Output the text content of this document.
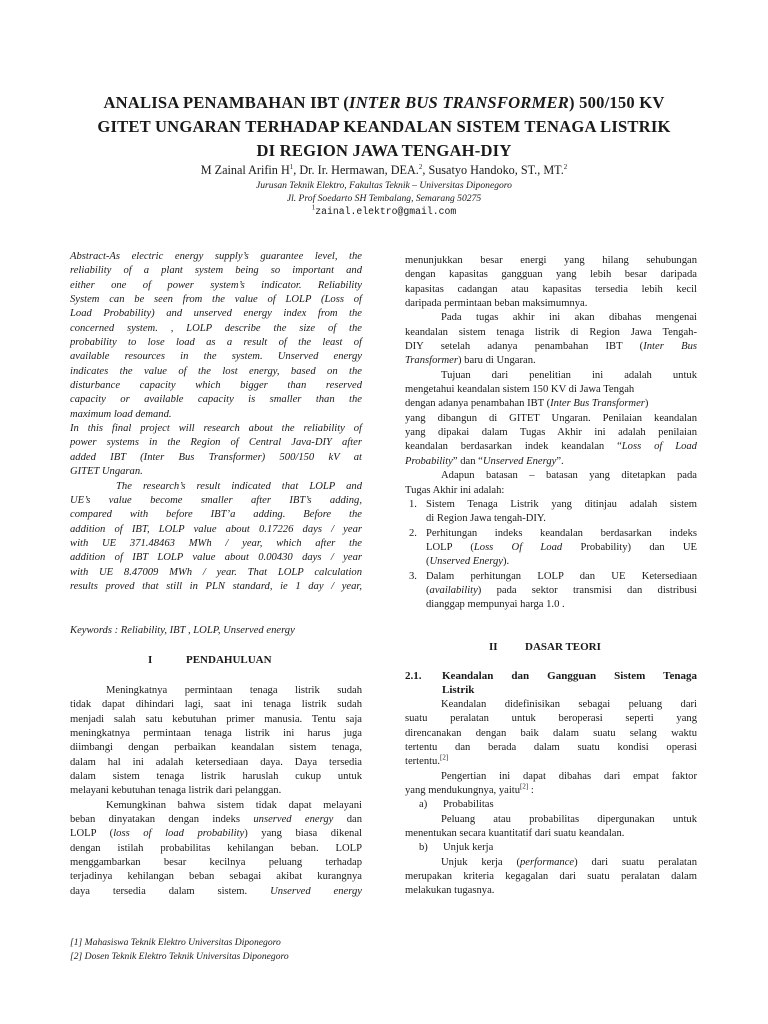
ANALISA PENAMBAHAN IBT (INTER BUS TRANSFORMER) 500/150 KV
GITET UNGARAN TERHADAP KEANDALAN SISTEM TENAGA LISTRIK
DI REGION JAWA TENGAH-DIY
M Zainal Arifin $H^1$, Dr. Ir. Hermawan, DEA.$^2$, Susatyo Handoko, ST., MT.$^2$
Jurusan Teknik Elektro, Fakultas Teknik – Universitas Diponegoro
Jl. Prof Soedarto SH Tembalang, Semarang 50275
$^1$zainal.elektro@gmail.com
Abstract-As electric energy supply’s guarantee level, the
reliability of a plant system being so important and
either one of power system’s indicator. Reliability
System can be seen from the value of LOLP (Loss of
Load Probability) and unserved energy index from the
concerned system. , LOLP describe the size of the
probability to lose load as a result of the least of
available resources in the system. Unserved energy
indicates the value of the lost energy, based on the
disturbance capacity which bigger than reserved
capacity or available capacity is smaller than the
maximum load demand.
In this final project will research about the reliability of
power systems in the Region of Central Java-DIY after
added IBT (Inter Bus Transformer) 500/150 kV at
GITET Ungaran.
The research’s result indicated that LOLP and
UE’s value become smaller after IBT’s adding,
compared with before IBT’a adding. Before the
addition of IBT, LOLP value about 0.17226 days / year
with UE 371.48463 MWh / year, which after the
addition of IBT LOLP value about 0.00430 days / year
with UE 8.47009 MWh / year. That LOLP calculation
results proved that still in PLN standard, ie 1 day / year,
Keywords : Reliability, IBT , LOLP, Unserved energy
I	PENDAHULUAN
Meningkatnya permintaan tenaga listrik sudah
tidak dapat dihindari lagi, saat ini tenaga listrik sudah
menjadi salah satu kebutuhan primer manusia. Tentu saja
meningkatnya permintaan tenaga listrik ini harus juga
diimbangi dengan perbaikan keandalan sistem tenaga,
dalam hal ini adalah ketersediaan daya. Daya tersedia
dalam sistem tenaga listrik haruslah cukup untuk
melayani kebutuhan tenaga listrik dari pelanggan.
Kemungkinan bahwa sistem tidak dapat melayani
beban dinyatakan dengan indeks unserved energy dan
LOLP (loss of load probability) yang biasa dikenal
dengan istilah probabilitas kehilangan beban. LOLP
menggambarkan besar kecilnya peluang terhadap
terjadinya kehilangan beban sebagai akibat kurangnya
daya tersedia dalam sistem. Unserved energy
menunjukkan besar energi yang hilang sehubungan
dengan kapasitas gangguan yang lebih besar daripada
kapasitas cadangan atau kapasitas tersedia lebih kecil
daripada permintaan beban maksimumnya.
Pada tugas akhir ini akan dibahas mengenai
keandalan sistem tenaga listrik di Region Jawa Tengah-
DIY setelah adanya penambahan IBT (Inter Bus
Transformer) baru di Ungaran.
Tujuan dari penelitian ini adalah untuk
mengetahui keandalan sistem 150 KV di Jawa Tengah
dengan adanya penambahan IBT (Inter Bus Transformer)
yang dibangun di GITET Ungaran. Penilaian keandalan
yang dipakai dalam Tugas Akhir ini adalah penilaian
keandalan berdasarkan indek keandalan “Loss of Load
Probability” dan “Unserved Energy”.
Adapun batasan – batasan yang ditetapkan pada
Tugas Akhir ini adalah:
1. Sistem Tenaga Listrik yang ditinjau adalah sistem
di Region Jawa tengah-DIY.
2. Perhitungan indeks keandalan berdasarkan indeks
LOLP (Loss Of Load Probability) dan UE
(Unserved Energy).
3. Dalam perhitungan LOLP dan UE Ketersediaan
(availability) pada sektor transmisi dan distribusi
dianggap mempunyai harga 1.0 .
II DASAR TEORI
2.1.	Keandalan dan Gangguan Sistem Tenaga
Listrik
Keandalan didefinisikan sebagai peluang dari
suatu peralatan untuk beroperasi seperti yang
direncanakan dengan baik dalam suatu selang waktu
tertentu dan berada dalam suatu kondisi operasi
tertentu.[2]
Pengertian ini dapat dibahas dari empat faktor
yang mendukungnya, yaitu[2] :
a) Probabilitas
Peluang atau probabilitas dipergunakan untuk
menentukan secara kuantitatif dari suatu keandalan.
b) Unjuk kerja
Unjuk kerja (performance) dari suatu peralatan
merupakan kriteria kegagalan dari suatu peralatan dalam
melakukan tugasnya.
[1] Mahasiswa Teknik Elektro Universitas Diponegoro
[2] Dosen Teknik Elektro Teknik Universitas Diponegoro
